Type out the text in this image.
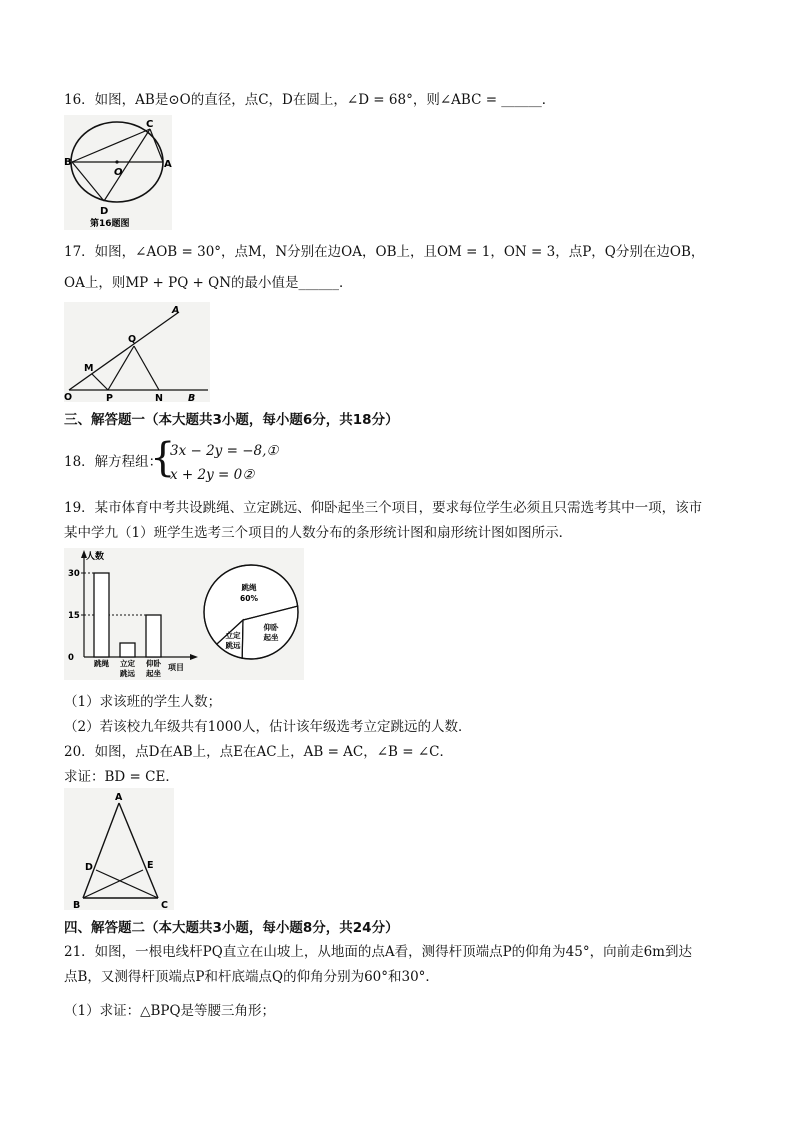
16．如图，AB是⊙O的直径，点C，D在圆上，∠D = 68°，则∠ABC = ______．
B
C
A
O
D
第16题图
17．如图，∠AOB = 30°，点M，N分别在边OA，OB上，且OM = 1，ON = 3，点P，Q分别在边OB，
OA上，则MP + PQ + QN的最小值是______．
A
Q
M
O	P	N	B
三、解答题一（本大题共3小题，每小题6分，共18分）
18．解方程组：
{
3x − 2y = −8,①
x + 2y = 0②
19．某市体育中考共设跳绳、立定跳远、仰卧起坐三个项目，要求每位学生必须且只需选考其中一项，该市
某中学九（1）班学生选考三个项目的人数分布的条形统计图和扇形统计图如图所示．
人数
项目
30
15
0
跳绳 立定
跳远
仰卧
起坐
跳绳
60%
仰卧
起坐
立定
跳远
（1）求该班的学生人数；
（2）若该校九年级共有1000人，估计该年级选考立定跳远的人数．
20．如图，点D在AB上，点E在AC上，AB = AC，∠B = ∠C．
求证：BD = CE．
A
D	E
B	C
四、解答题二（本大题共3小题，每小题8分，共24分）
21．如图，一根电线杆PQ直立在山坡上，从地面的点A看，测得杆顶端点P的仰角为45°，向前走6m到达
点B，又测得杆顶端点P和杆底端点Q的仰角分别为60°和30°．
（1）求证：△BPQ是等腰三角形；
